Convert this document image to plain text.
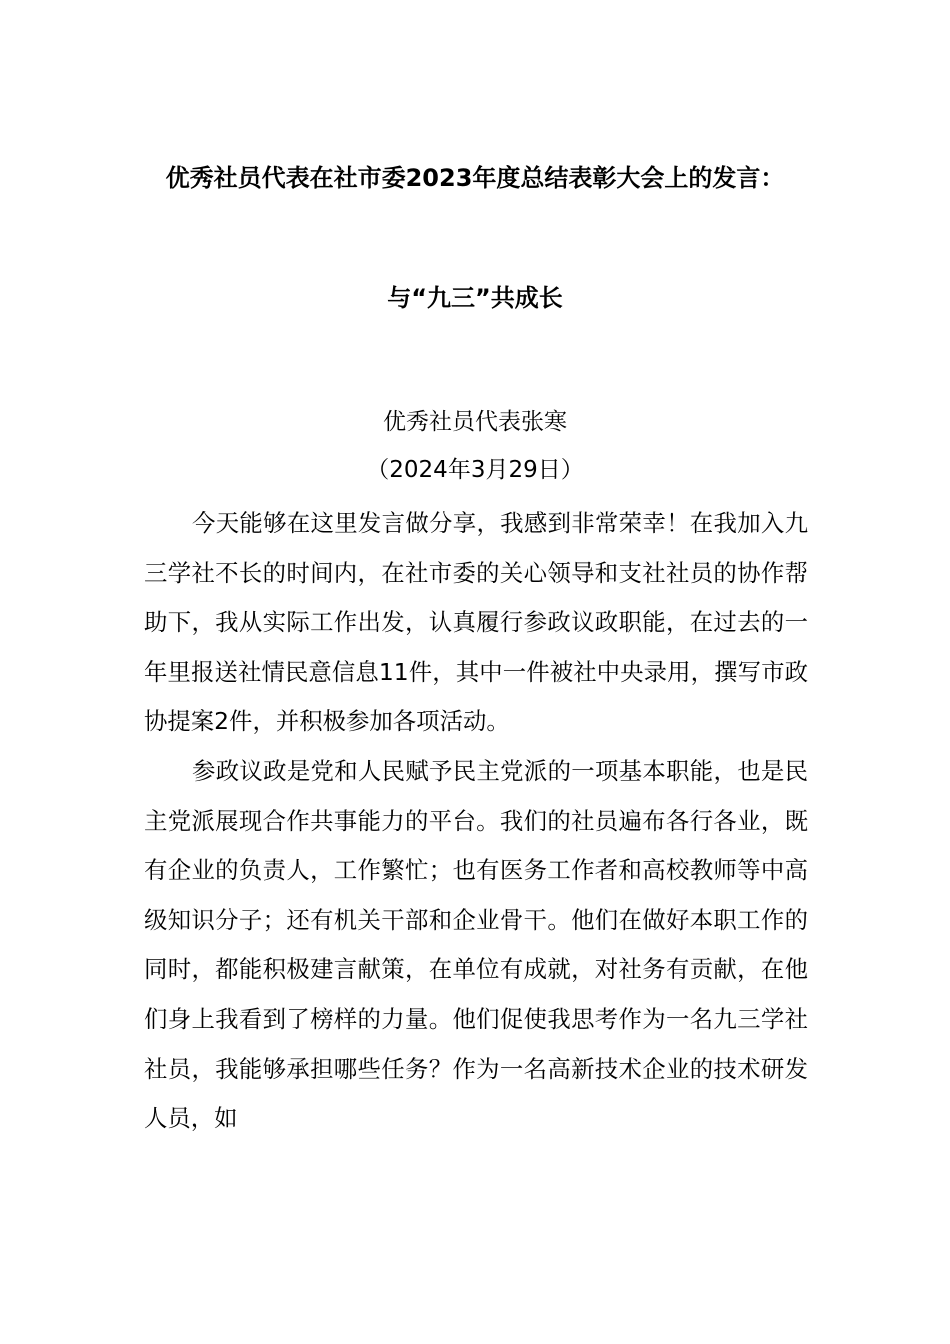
优秀社员代表在社市委2023年度总结表彰大会上的发言：
与“九三”共成长
优秀社员代表张寒
（2024年3月29日）

今天能够在这里发言做分享，我感到非常荣幸！在我加入九三学社不长的时间内，在社市委的关心领导和支社社员的协作帮助下，我从实际工作出发，认真履行参政议政职能，在过去的一年里报送社情民意信息11件，其中一件被社中央录用，撰写市政协提案2件，并积极参加各项活动。

参政议政是党和人民赋予民主党派的一项基本职能，也是民主党派展现合作共事能力的平台。我们的社员遍布各行各业，既有企业的负责人，工作繁忙；也有医务工作者和高校教师等中高级知识分子；还有机关干部和企业骨干。他们在做好本职工作的同时，都能积极建言献策，在单位有成就，对社务有贡献，在他们身上我看到了榜样的力量。他们促使我思考作为一名九三学社社员，我能够承担哪些任务？作为一名高新技术企业的技术研发人员，如
